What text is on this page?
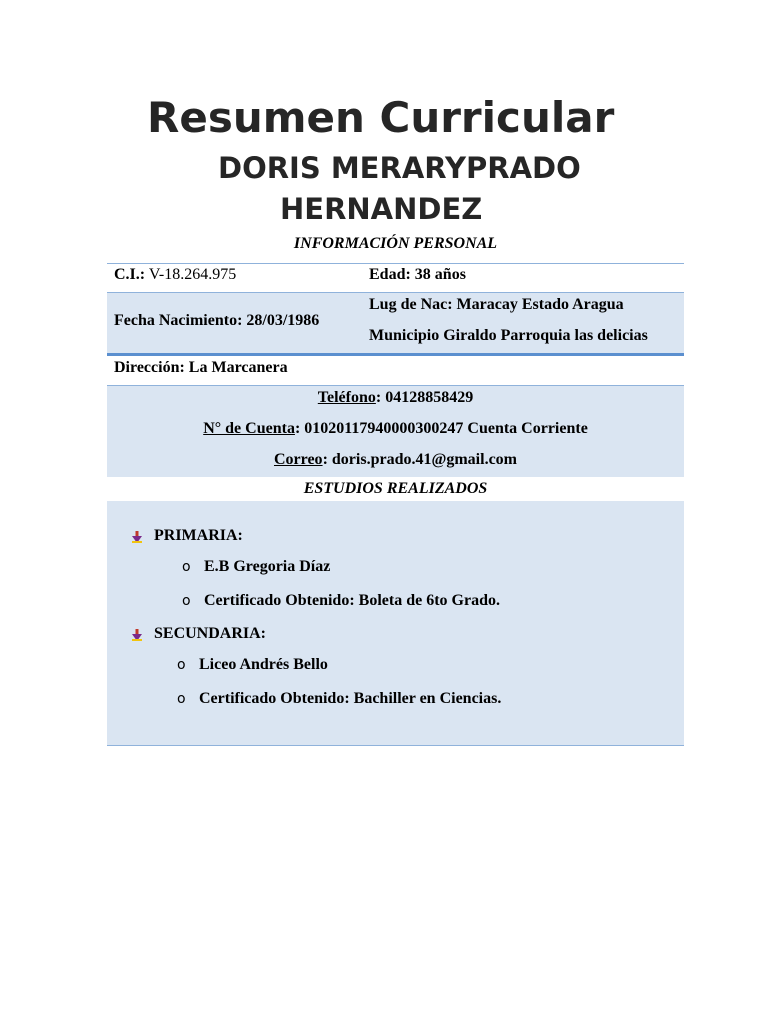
Resumen Curricular
DORIS MERARYPRADO
HERNANDEZ
INFORMACIÓN PERSONAL
C.I.: V-18.264.975	Edad: 38 años
Fecha Nacimiento: 28/03/1986
Lug de Nac: Maracay Estado Aragua
Municipio Giraldo Parroquia las delicias
Dirección: La Marcanera
Teléfono: 04128858429
N° de Cuenta: 01020117940000300247 Cuenta Corriente
Correo: doris.prado.41@gmail.com
ESTUDIOS REALIZADOS
PRIMARIA:
o E.B Gregoria Díaz
o Certificado Obtenido: Boleta de 6to Grado.
SECUNDARIA:
o Liceo Andrés Bello
o Certificado Obtenido: Bachiller en Ciencias.
